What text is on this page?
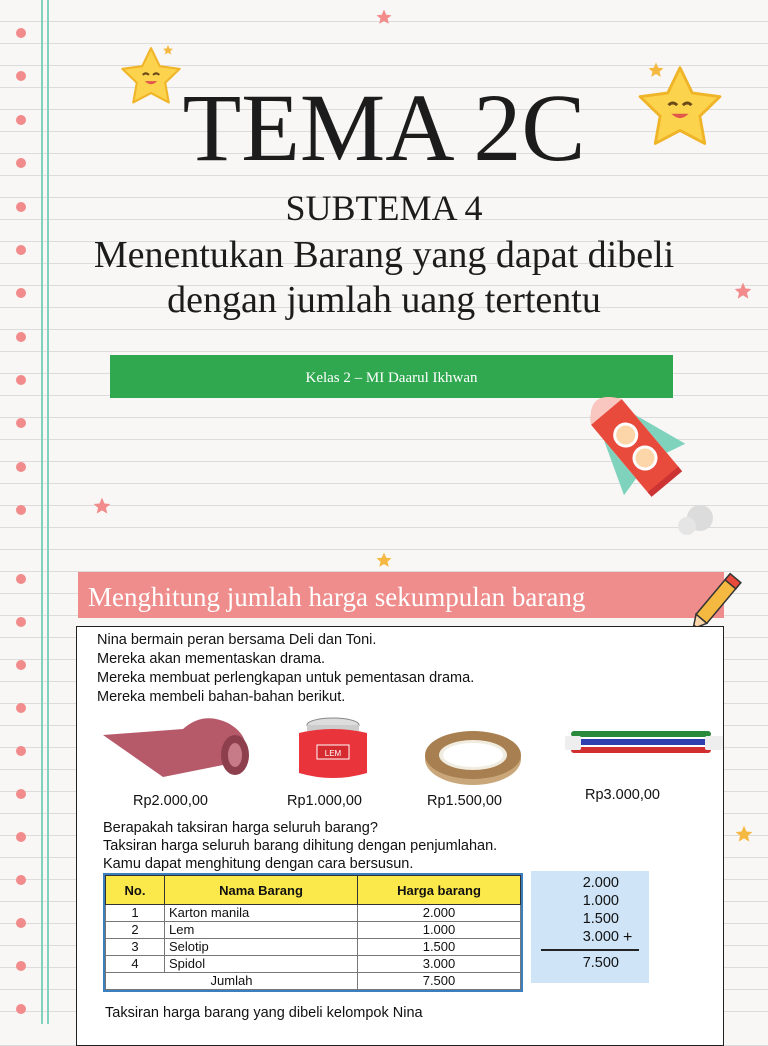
TEMA 2C
SUBTEMA 4
Menentukan Barang yang dapat dibeli dengan jumlah uang tertentu
Kelas 2 – MI Daarul Ikhwan
Menghitung jumlah harga sekumpulan barang

Nina bermain peran bersama Deli dan Toni.

Mereka akan mementaskan drama.

Mereka membuat perlengkapan untuk pementasan drama.

Mereka membeli bahan-bahan berikut.

LEM
Rp2.000,00	Rp1.000,00	Rp1.500,00	Rp3.000,00

Berapakah taksiran harga seluruh barang?

Taksiran harga seluruh barang dihitung dengan penjumlahan.

Kamu dapat menghitung dengan cara bersusun.

No.	Nama Barang	Harga barang
1	Karton manila	2.000
2	Lem	1.000
3	Selotip	1.500
4	Spidol	3.000
Jumlah		7.500
2.000
1.000
1.500
3.000 +
7.500
Taksiran harga barang yang dibeli kelompok Nina
